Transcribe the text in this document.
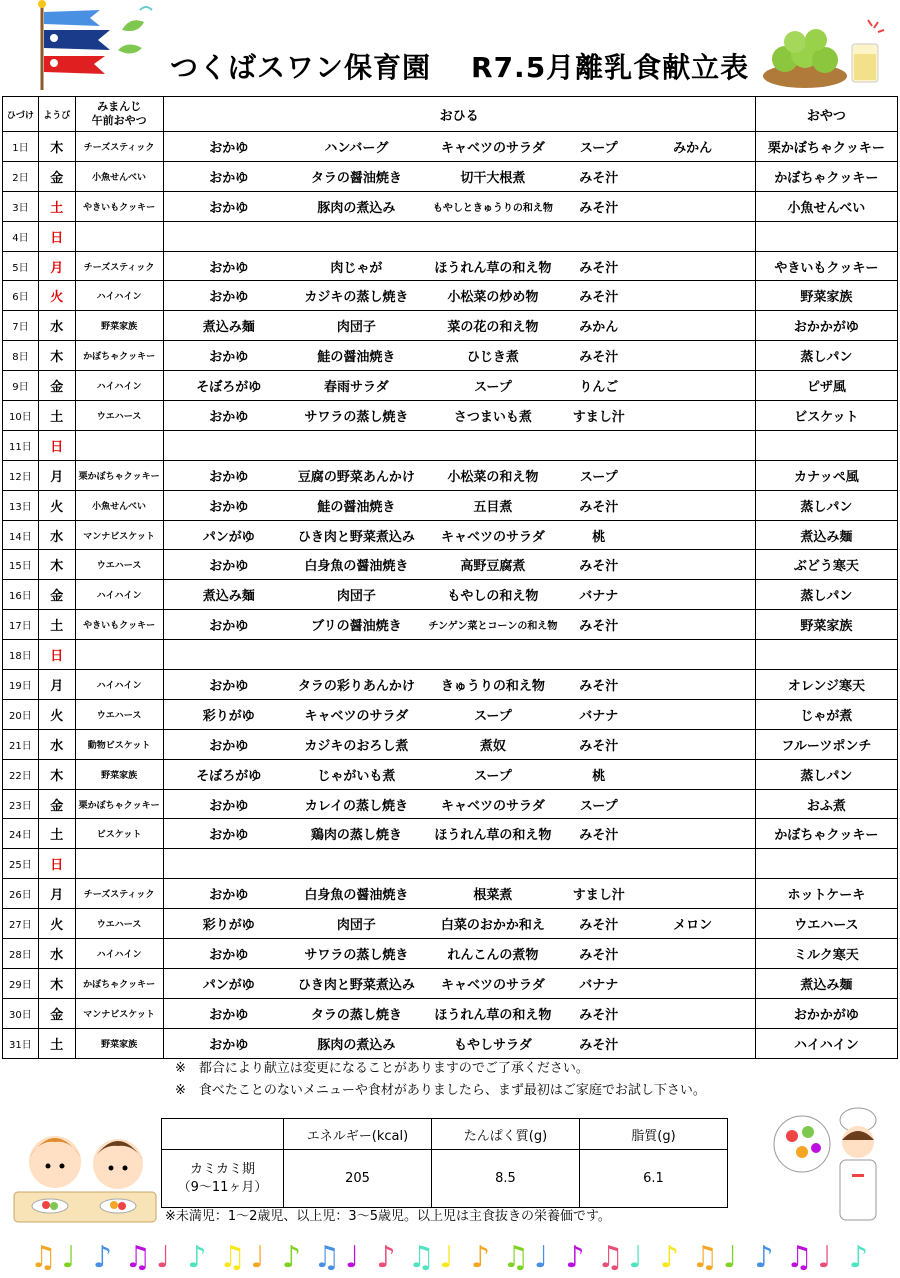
つくばスワン保育園 R7.5月離乳食献立表
ひづけ	ようび	みまんじ
午前おやつ	おひる					おやつ
1日	木	チーズスティック	おかゆ	ハンバーグ	キャベツのサラダ	スープ	みかん	栗かぼちゃクッキー
2日	金	小魚せんべい	おかゆ	タラの醤油焼き	切干大根煮	みそ汁		かぼちゃクッキー
3日	土	やきいもクッキー	おかゆ	豚肉の煮込み	もやしときゅうりの和え物	みそ汁		小魚せんべい
4日	日							
5日	月	チーズスティック	おかゆ	肉じゃが	ほうれん草の和え物	みそ汁		やきいもクッキー
6日	火	ハイハイン	おかゆ	カジキの蒸し焼き	小松菜の炒め物	みそ汁		野菜家族
7日	水	野菜家族	煮込み麺	肉団子	菜の花の和え物	みかん		おかかがゆ
8日	木	かぼちゃクッキー	おかゆ	鮭の醤油焼き	ひじき煮	みそ汁		蒸しパン
9日	金	ハイハイン	そぼろがゆ	春雨サラダ	スープ	りんご		ピザ風
10日	土	ウエハース	おかゆ	サワラの蒸し焼き	さつまいも煮	すまし汁		ビスケット
11日	日							
12日	月	栗かぼちゃクッキー	おかゆ	豆腐の野菜あんかけ	小松菜の和え物	スープ		カナッペ風
13日	火	小魚せんべい	おかゆ	鮭の醤油焼き	五目煮	みそ汁		蒸しパン
14日	水	マンナビスケット	パンがゆ	ひき肉と野菜煮込み	キャベツのサラダ	桃		煮込み麺
15日	木	ウエハース	おかゆ	白身魚の醤油焼き	高野豆腐煮	みそ汁		ぶどう寒天
16日	金	ハイハイン	煮込み麺	肉団子	もやしの和え物	バナナ		蒸しパン
17日	土	やきいもクッキー	おかゆ	ブリの醤油焼き	チンゲン菜とコーンの和え物	みそ汁		野菜家族
18日	日							
19日	月	ハイハイン	おかゆ	タラの彩りあんかけ	きゅうりの和え物	みそ汁		オレンジ寒天
20日	火	ウエハース	彩りがゆ	キャベツのサラダ	スープ	バナナ		じゃが煮
21日	水	動物ビスケット	おかゆ	カジキのおろし煮	煮奴	みそ汁		フルーツポンチ
22日	木	野菜家族	そぼろがゆ	じゃがいも煮	スープ	桃		蒸しパン
23日	金	栗かぼちゃクッキー	おかゆ	カレイの蒸し焼き	キャベツのサラダ	スープ		おふ煮
24日	土	ビスケット	おかゆ	鶏肉の蒸し焼き	ほうれん草の和え物	みそ汁		かぼちゃクッキー
25日	日							
26日	月	チーズスティック	おかゆ	白身魚の醤油焼き	根菜煮	すまし汁		ホットケーキ
27日	火	ウエハース	彩りがゆ	肉団子	白菜のおかか和え	みそ汁	メロン	ウエハース
28日	水	ハイハイン	おかゆ	サワラの蒸し焼き	れんこんの煮物	みそ汁		ミルク寒天
29日	木	かぼちゃクッキー	パンがゆ	ひき肉と野菜煮込み	キャベツのサラダ	バナナ		煮込み麺
30日	金	マンナビスケット	おかゆ	タラの蒸し焼き	ほうれん草の和え物	みそ汁		おかかがゆ
31日	土	野菜家族	おかゆ	豚肉の煮込み	もやしサラダ	みそ汁		ハイハイン
※　都合により献立は変更になることがありますのでご了承ください。
※　食べたことのないメニューや食材がありましたら、まず最初はご家庭でお試し下さい。
	エネルギー(kcal)	たんぱく質(g)	脂質(g)
カミカミ期
（9～11ヶ月）	205	8.5	6.1
※未満児：1～2歳児、以上児：3～5歳児。以上児は主食抜きの栄養価です。
♫ ♩ ♪ ♫ ♩ ♪ ♫ ♩ ♪ ♫ ♩ ♪ ♫ ♩ ♪ ♫ ♩ ♪ ♫ ♩ ♪ ♫ ♩ ♪ ♫ ♩ ♪
